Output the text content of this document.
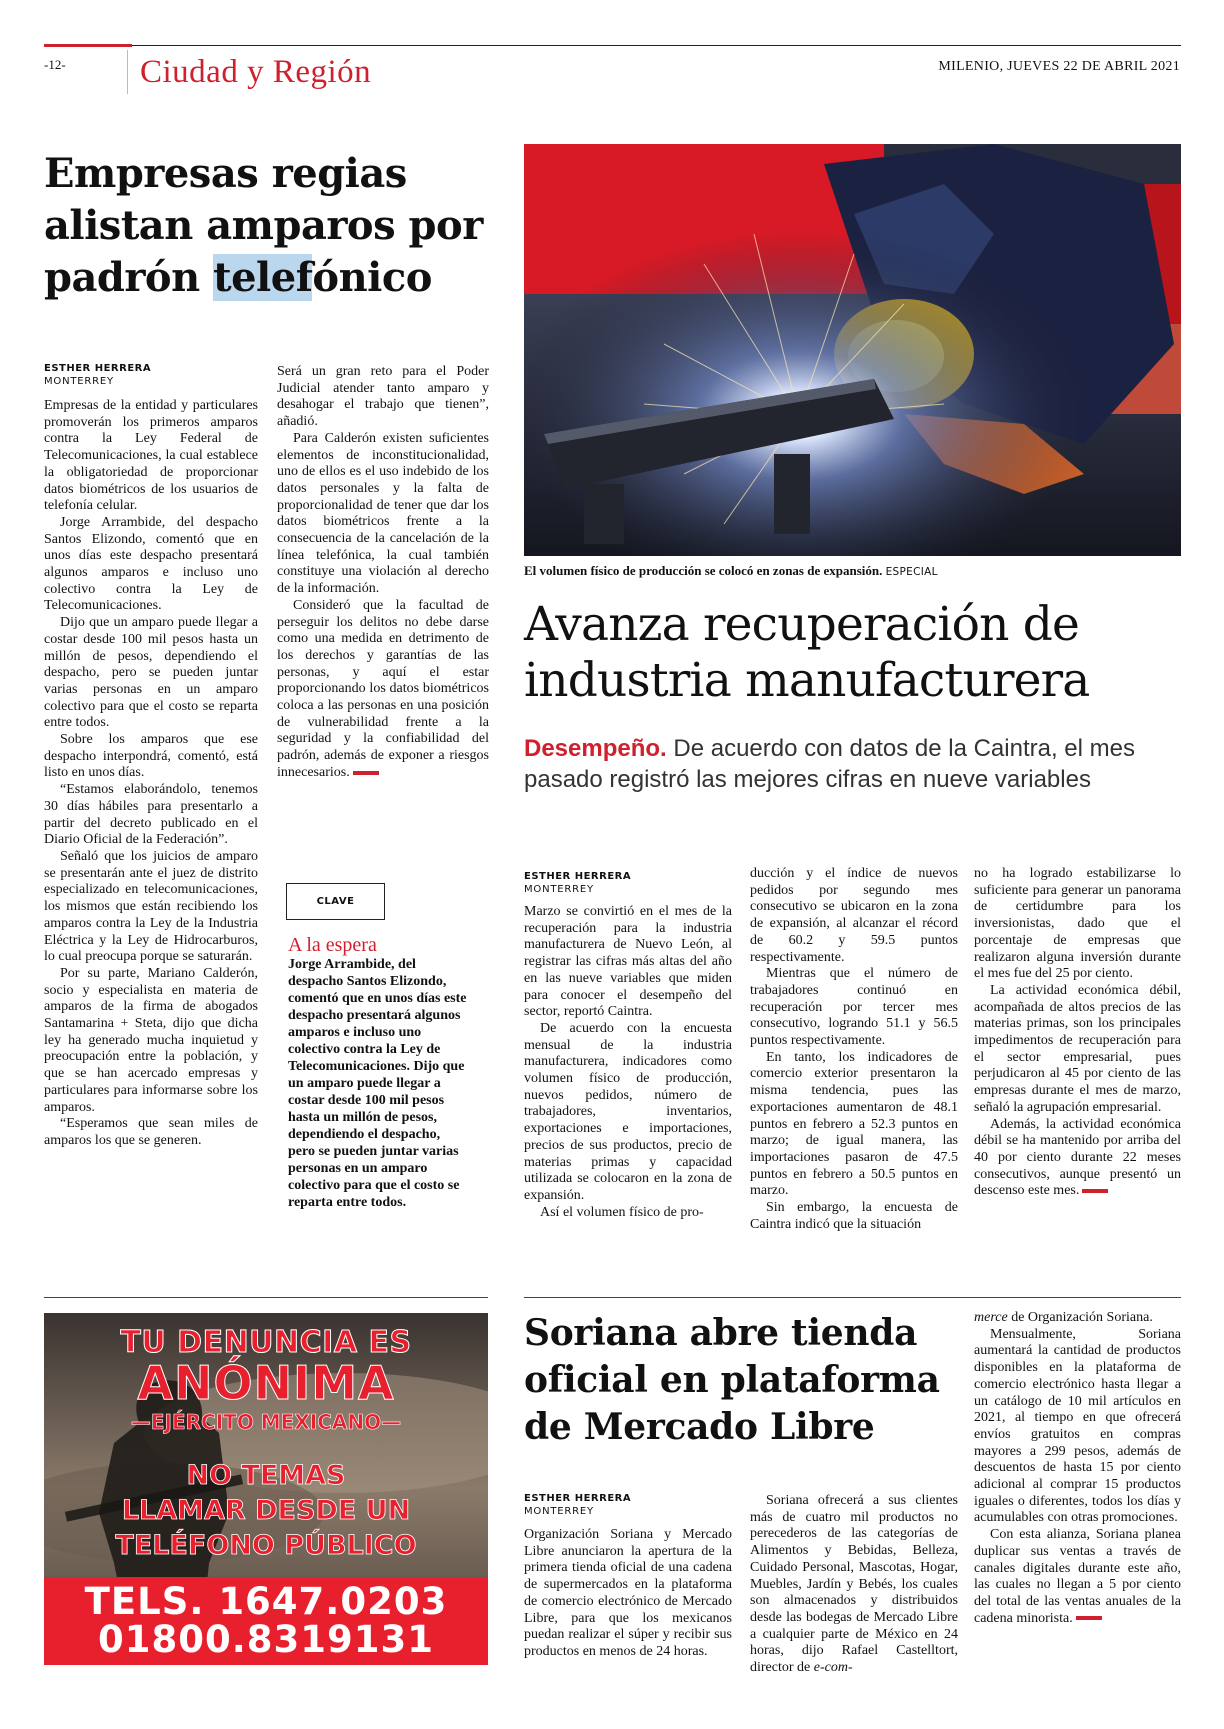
-12- Ciudad y Región	MILENIO, JUEVES 22 DE ABRIL 2021
Empresas regias alistan amparos por padrón telefónico
ESTHER HERRERA
MONTERREY

Empresas de la entidad y particulares promoverán los primeros amparos contra la Ley Federal de Telecomunicaciones, la cual establece la obligatoriedad de proporcionar datos biométricos de los usuarios de telefonía celular.

Jorge Arrambide, del despacho Santos Elizondo, comentó que en unos días este despacho presentará algunos amparos e incluso uno colectivo contra la Ley de Telecomunicaciones.

Dijo que un amparo puede llegar a costar desde 100 mil pesos hasta un millón de pesos, dependiendo el despacho, pero se pueden juntar varias personas en un amparo colectivo para que el costo se reparta entre todos.

Sobre los amparos que ese despacho interpondrá, comentó, está listo en unos días.

“Estamos elaborándolo, tenemos 30 días hábiles para presentarlo a partir del decreto publicado en el Diario Oficial de la Federación”.

Señaló que los juicios de amparo se presentarán ante el juez de distrito especializado en telecomunicaciones, los mismos que están recibiendo los amparos contra la Ley de la Industria Eléctrica y la Ley de Hidrocarburos, lo cual preocupa porque se saturarán.

Por su parte, Mariano Calderón, socio y especialista en materia de amparos de la firma de abogados Santamarina + Steta, dijo que dicha ley ha generado mucha inquietud y preocupación entre la población, y que se han acercado empresas y particulares para informarse sobre los amparos.

“Esperamos que sean miles de amparos los que se generen.

Será un gran reto para el Poder Judicial atender tanto amparo y desahogar el trabajo que tienen”, añadió.

Para Calderón existen suficientes elementos de inconstitucionalidad, uno de ellos es el uso indebido de los datos personales y la falta de proporcionalidad de tener que dar los datos biométricos frente a la consecuencia de la cancelación de la línea telefónica, la cual también constituye una violación al derecho de la información.

Consideró que la facultad de perseguir los delitos no debe darse como una medida en detrimento de los derechos y garantías de las personas, y aquí el estar proporcionando los datos biométricos coloca a las personas en una posición de vulnerabilidad frente a la seguridad y la confiabilidad del padrón, además de exponer a riesgos innecesarios.

CLAVE
A la espera
Jorge Arrambide, del despacho Santos Elizondo, comentó que en unos días este despacho presentará algunos amparos e incluso uno colectivo contra la Ley de Telecomunicaciones. Dijo que un amparo puede llegar a costar desde 100 mil pesos hasta un millón de pesos, dependiendo el despacho, pero se pueden juntar varias personas en un amparo colectivo para que el costo se reparta entre todos.
El volumen físico de producción se colocó en zonas de expansión. ESPECIAL
Avanza recuperación de industria manufacturera
Desempeño. De acuerdo con datos de la Caintra, el mes pasado registró las mejores cifras en nueve variables
ESTHER HERRERA
MONTERREY

Marzo se convirtió en el mes de la recuperación para la industria manufacturera de Nuevo León, al registrar las cifras más altas del año en las nueve variables que miden para conocer el desempeño del sector, reportó Caintra.

De acuerdo con la encuesta mensual de la industria manufacturera, indicadores como volumen físico de producción, nuevos pedidos, número de trabajadores, inventarios, exportaciones e importaciones, precios de sus productos, precio de materias primas y capacidad utilizada se colocaron en la zona de expansión.

Así el volumen físico de pro-

ducción y el índice de nuevos pedidos por segundo mes consecutivo se ubicaron en la zona de expansión, al alcanzar el récord de 60.2 y 59.5 puntos respectivamente.

Mientras que el número de trabajadores continuó en recuperación por tercer mes consecutivo, logrando 51.1 y 56.5 puntos respectivamente.

En tanto, los indicadores de comercio exterior presentaron la misma tendencia, pues las exportaciones aumentaron de 48.1 puntos en febrero a 52.3 puntos en marzo; de igual manera, las importaciones pasaron de 47.5 puntos en febrero a 50.5 puntos en marzo.

Sin embargo, la encuesta de Caintra indicó que la situación

no ha logrado estabilizarse lo suficiente para generar un panorama de certidumbre para los inversionistas, dado que el porcentaje de empresas que realizaron alguna inversión durante el mes fue del 25 por ciento.

La actividad económica débil, acompañada de altos precios de las materias primas, son los principales impedimentos de recuperación para el sector empresarial, pues perjudicaron al 45 por ciento de las empresas durante el mes de marzo, señaló la agrupación empresarial.

Además, la actividad económica débil se ha mantenido por arriba del 40 por ciento durante 22 meses consecutivos, aunque presentó un descenso este mes.

TU DENUNCIA ES
ANÓNIMA
—EJÉRCITO MEXICANO—
NO TEMAS
LLAMAR DESDE UN
TELÉFONO PÚBLICO
TELS. 1647.0203
01800.8319131
Soriana abre tienda oficial en plataforma de Mercado Libre
ESTHER HERRERA
MONTERREY

Organización Soriana y Mercado Libre anunciaron la apertura de la primera tienda oficial de una cadena de supermercados en la plataforma de comercio electrónico de Mercado Libre, para que los mexicanos puedan realizar el súper y recibir sus productos en menos de 24 horas.

Soriana ofrecerá a sus clientes más de cuatro mil productos no perecederos de las categorías de Alimentos y Bebidas, Belleza, Cuidado Personal, Mascotas, Hogar, Muebles, Jardín y Bebés, los cuales son almacenados y distribuidos desde las bodegas de Mercado Libre a cualquier parte de México en 24 horas, dijo Rafael Castelltort, director de e-com-

merce de Organización Soriana.

Mensualmente, Soriana aumentará la cantidad de productos disponibles en la plataforma de comercio electrónico hasta llegar a un catálogo de 10 mil artículos en 2021, al tiempo en que ofrecerá envíos gratuitos en compras mayores a 299 pesos, además de descuentos de hasta 15 por ciento adicional al comprar 15 productos iguales o diferentes, todos los días y acumulables con otras promociones.

Con esta alianza, Soriana planea duplicar sus ventas a través de canales digitales durante este año, las cuales no llegan a 5 por ciento del total de las ventas anuales de la cadena minorista.
